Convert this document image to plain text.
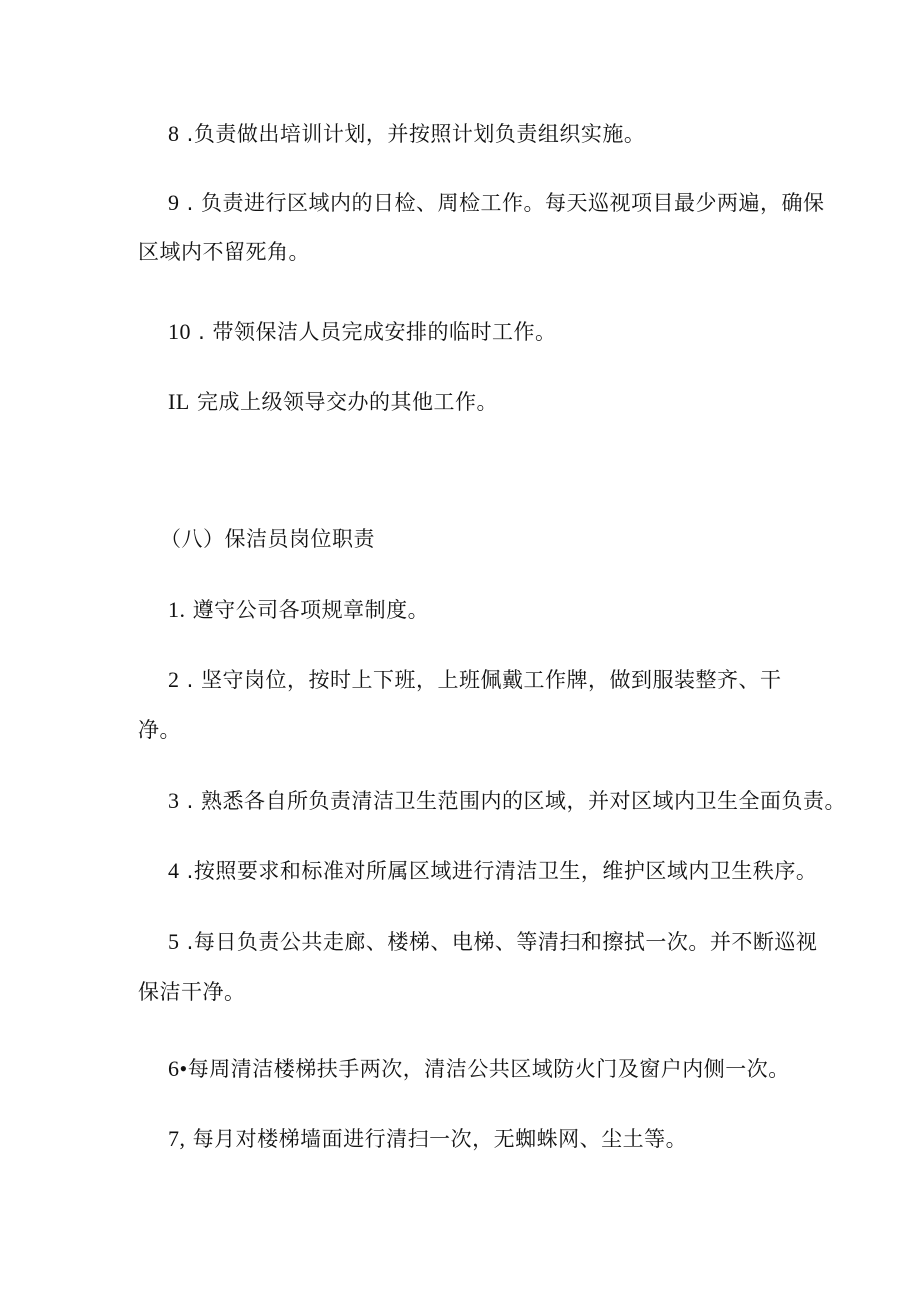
8 .负责做出培训计划，并按照计划负责组织实施。

9 . 负责进行区域内的日检、周检工作。每天巡视项目最少两遍，确保

区域内不留死角。

10 . 带领保洁人员完成安排的临时工作。

IL 完成上级领导交办的其他工作。

（八）保洁员岗位职责

1. 遵守公司各项规章制度。

2 . 坚守岗位，按时上下班，上班佩戴工作牌，做到服装整齐、干

净。

3 . 熟悉各自所负责清洁卫生范围内的区域，并对区域内卫生全面负责。

4 .按照要求和标准对所属区域进行清洁卫生，维护区域内卫生秩序。

5 .每日负责公共走廊、楼梯、电梯、等清扫和擦拭一次。并不断巡视

保洁干净。

6•每周清洁楼梯扶手两次，清洁公共区域防火门及窗户内侧一次。

7, 每月对楼梯墙面进行清扫一次，无蜘蛛网、尘土等。
